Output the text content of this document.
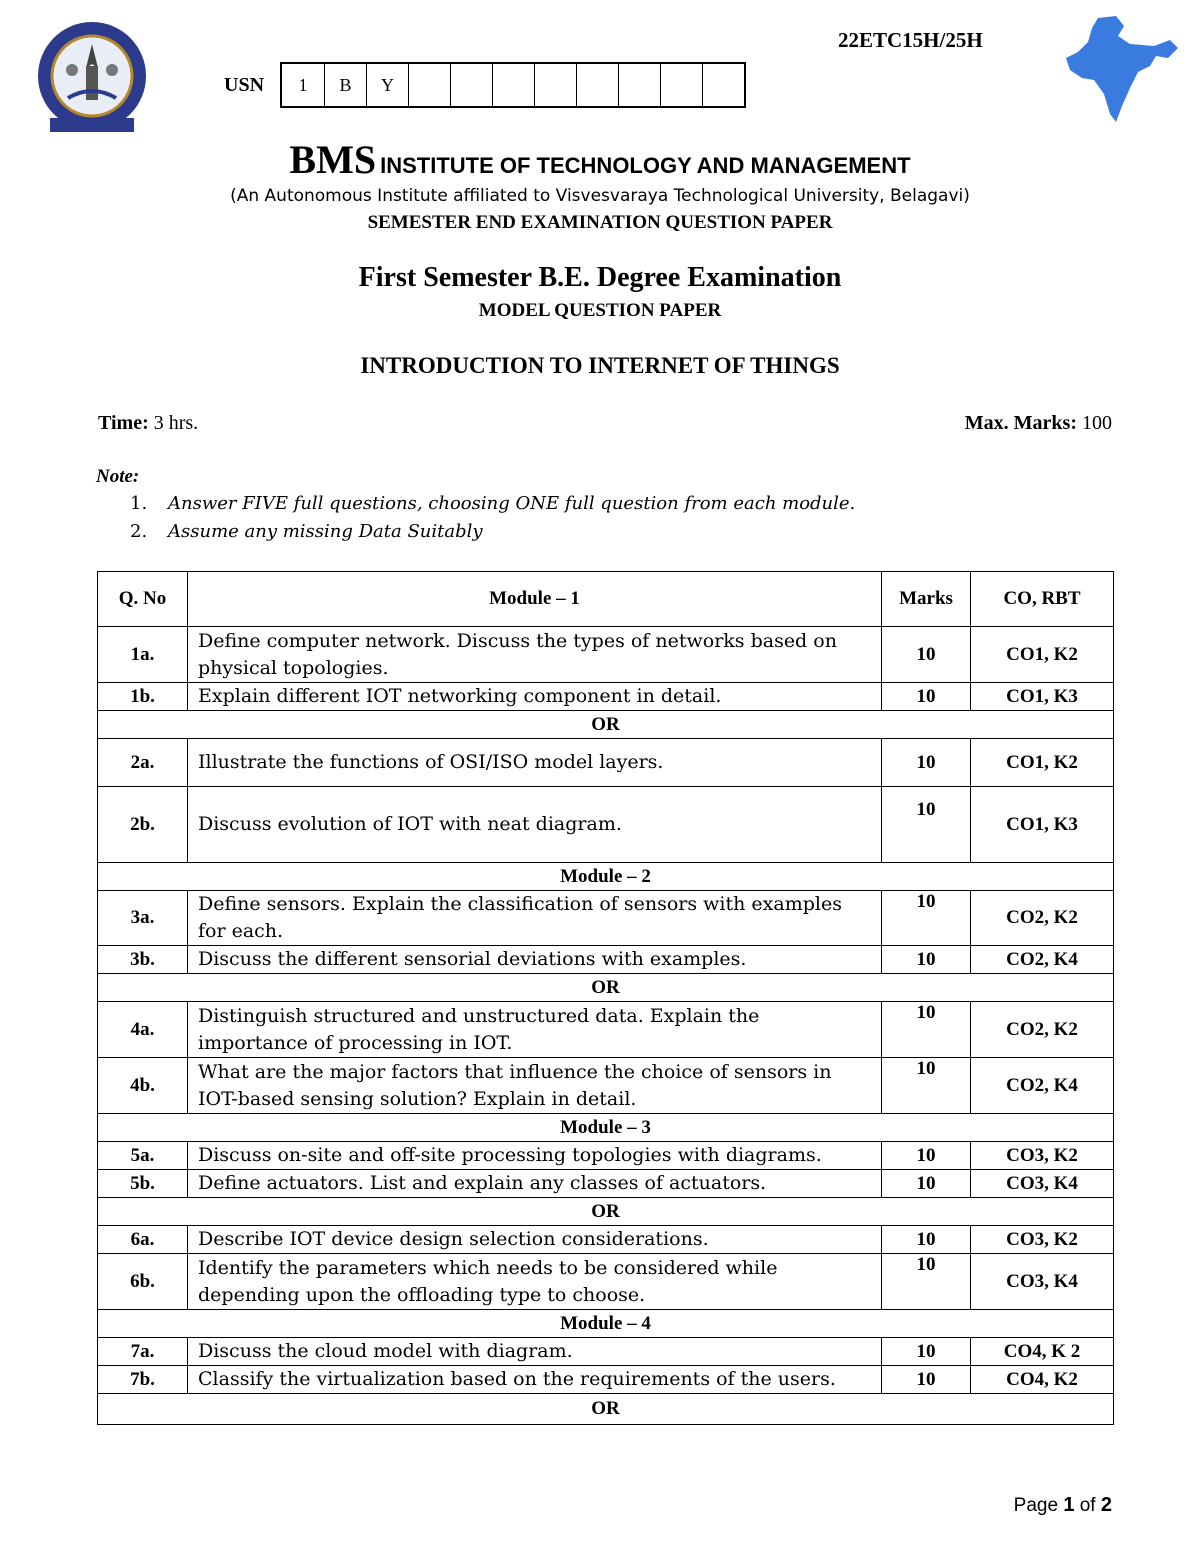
22ETC15H/25H
USN	1	B	Y
BMS INSTITUTE OF TECHNOLOGY AND MANAGEMENT
(An Autonomous Institute affiliated to Visvesvaraya Technological University, Belagavi)
SEMESTER END EXAMINATION QUESTION PAPER
First Semester B.E. Degree Examination
MODEL QUESTION PAPER
INTRODUCTION TO INTERNET OF THINGS
Time: 3 hrs.	Max. Marks: 100
Note:
1. Answer FIVE full questions, choosing ONE full question from each module.
2. Assume any missing Data Suitably
Q. No	Module – 1	Marks	CO, RBT
1a.	Define computer network. Discuss the types of networks based on physical topologies.	10	CO1, K2
1b.	Explain different IOT networking component in detail.	10	CO1, K3
OR			
2a.	Illustrate the functions of OSI/ISO model layers.	10	CO1, K2
2b.	Discuss evolution of IOT with neat diagram.	10	CO1, K3
Module – 2			
3a.	Define sensors. Explain the classification of sensors with examples for each.	10	CO2, K2
3b.	Discuss the different sensorial deviations with examples.	10	CO2, K4
OR			
4a.	Distinguish structured and unstructured data. Explain the importance of processing in IOT.	10	CO2, K2
4b.	What are the major factors that influence the choice of sensors in IOT-based sensing solution? Explain in detail.	10	CO2, K4
Module – 3			
5a.	Discuss on-site and off-site processing topologies with diagrams.	10	CO3, K2
5b.	Define actuators. List and explain any classes of actuators.	10	CO3, K4
OR			
6a.	Describe IOT device design selection considerations.	10	CO3, K2
6b.	Identify the parameters which needs to be considered while depending upon the offloading type to choose.	10	CO3, K4
Module – 4			
7a.	Discuss the cloud model with diagram.	10	CO4, K 2
7b.	Classify the virtualization based on the requirements of the users.	10	CO4, K2
OR			
Page 1 of 2
